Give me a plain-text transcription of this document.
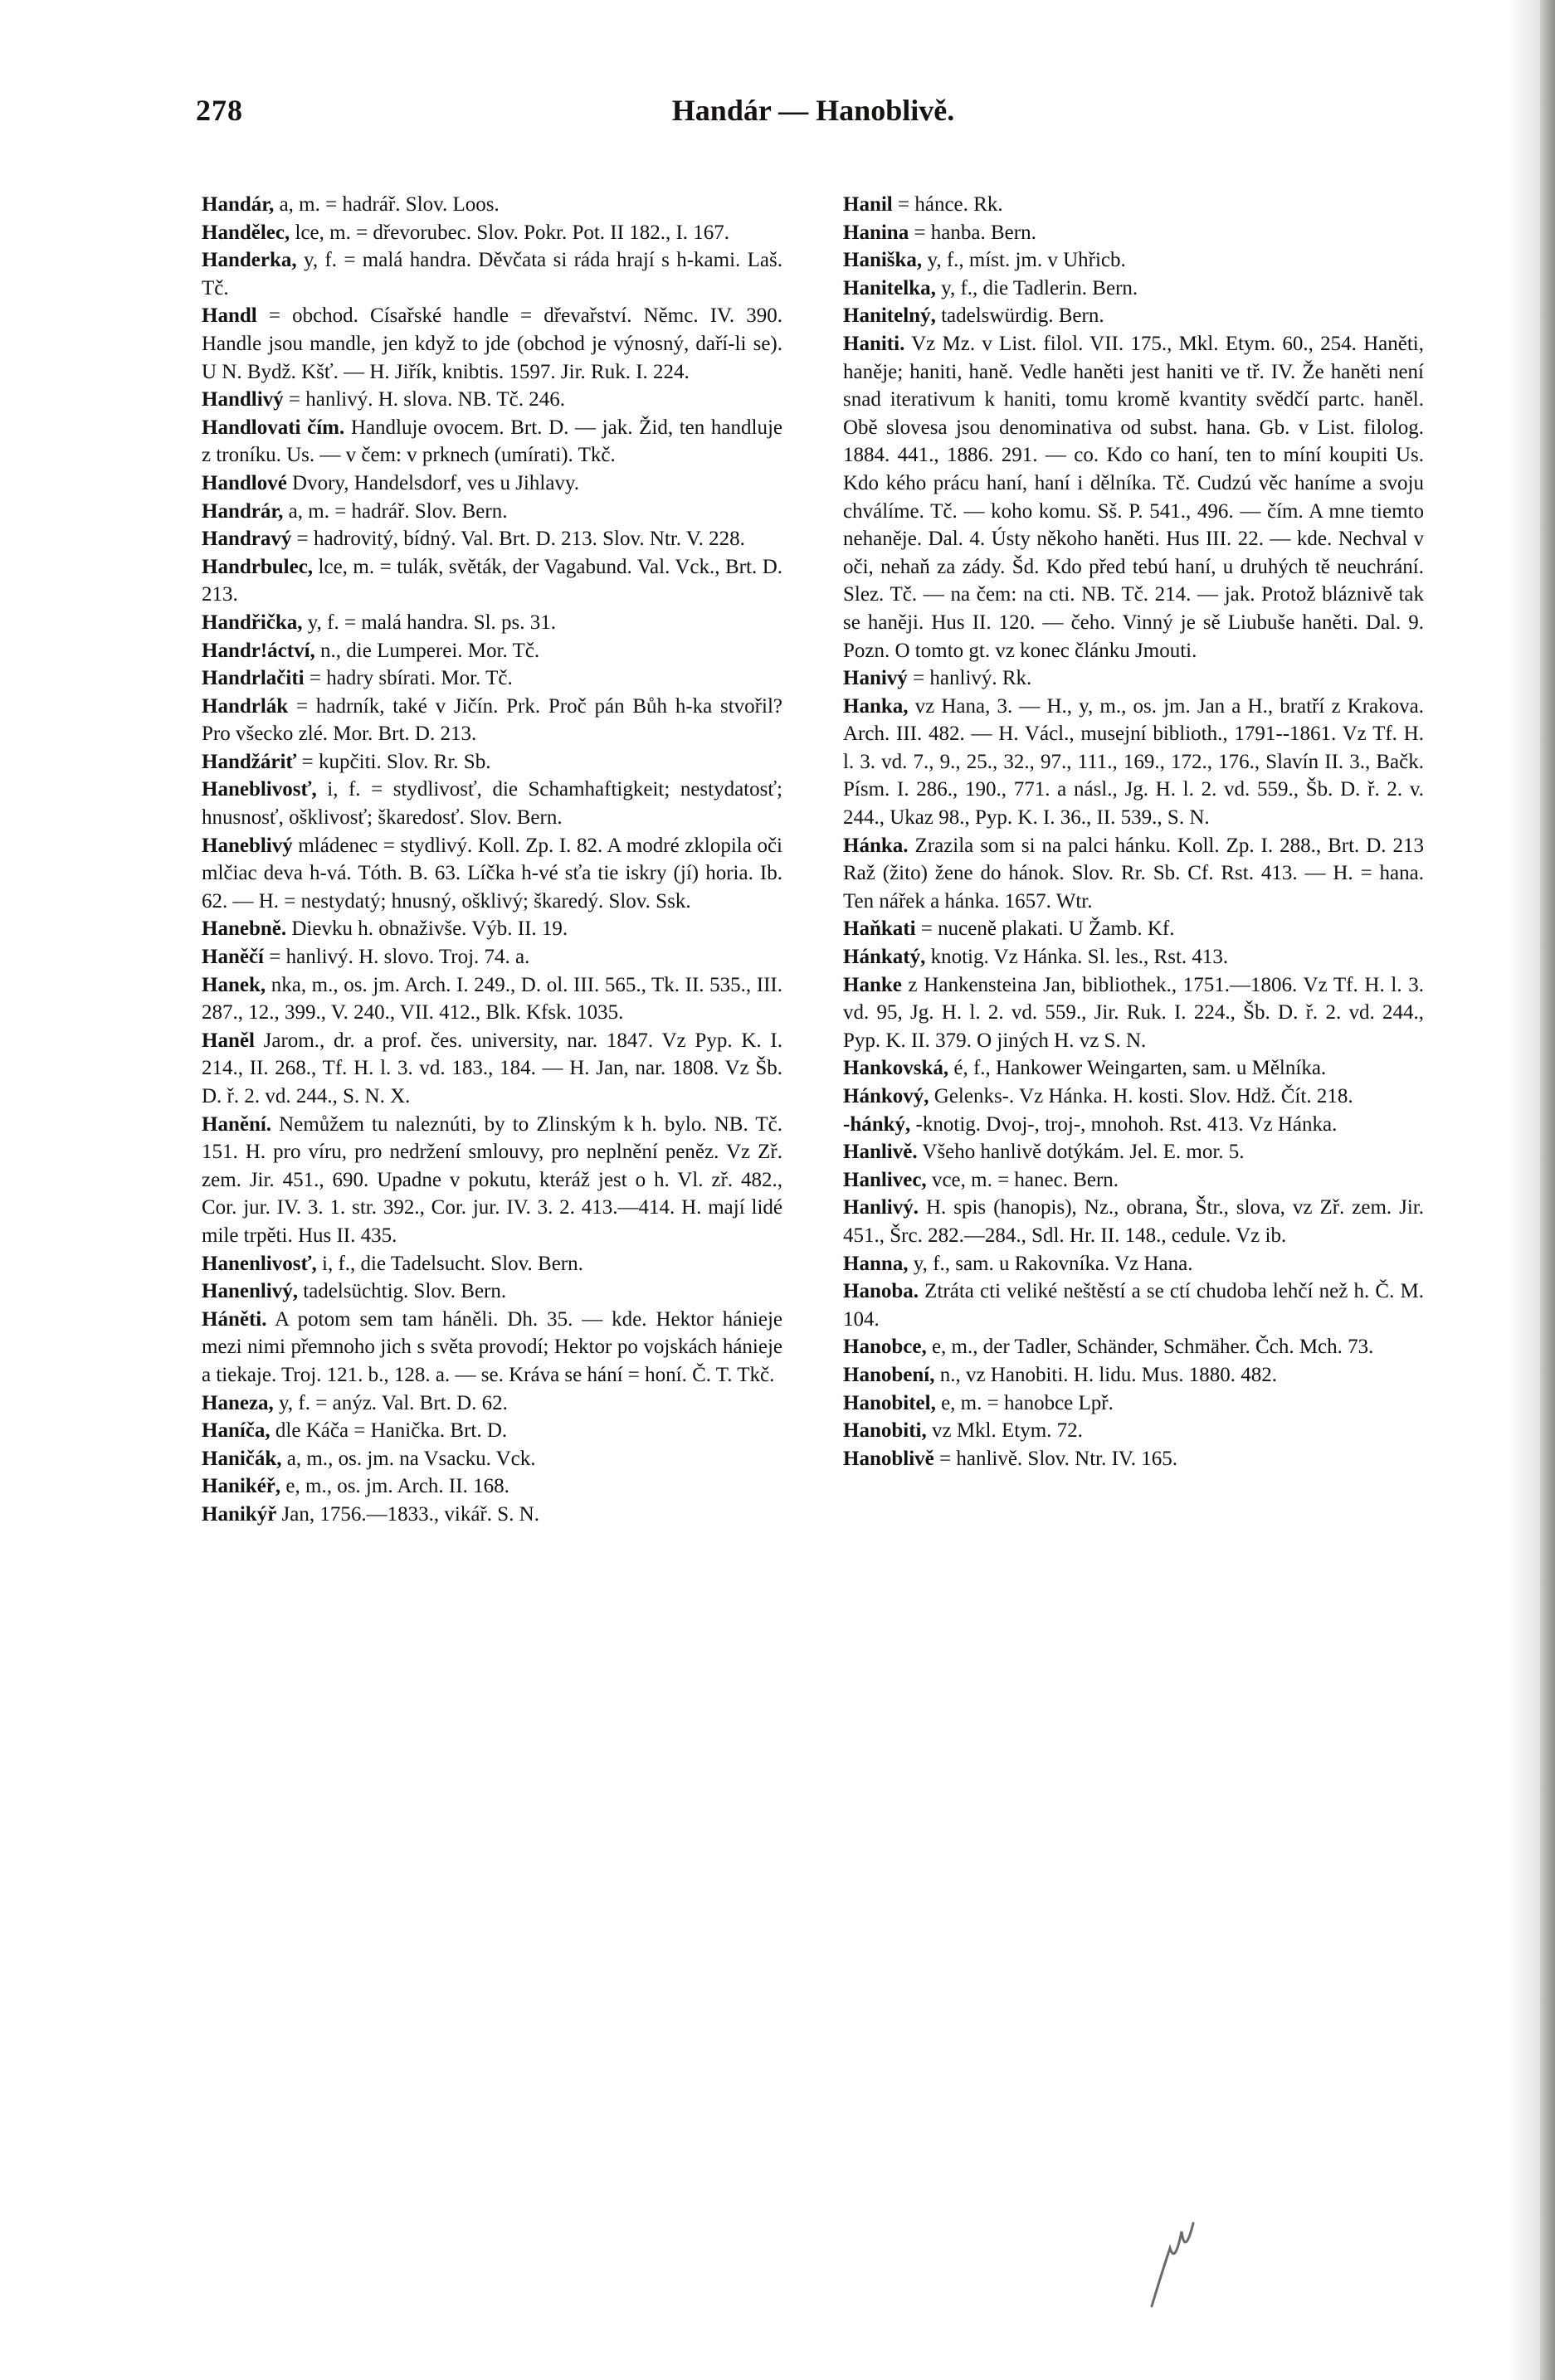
278	Handár — Hanoblivě.

Handár, a, m. = hadrář. Slov. Loos.

Handělec, lce, m. = dřevorubec. Slov. Pokr. Pot. II 182., I. 167.

Handerka, y, f. = malá handra. Děvčata si ráda hrají s h-kami. Laš. Tč.

Handl = obchod. Císařské handle = dřevařství. Němc. IV. 390. Handle jsou mandle, jen když to jde (obchod je výnosný, daří-li se). U N. Bydž. Kšť. — H. Jiřík, knibtis. 1597. Jir. Ruk. I. 224.

Handlivý = hanlivý. H. slova. NB. Tč. 246.

Handlovati čím. Handluje ovocem. Brt. D. — jak. Žid, ten handluje z troníku. Us. — v čem: v prknech (umírati). Tkč.

Handlové Dvory, Handelsdorf, ves u Jihlavy.

Handrár, a, m. = hadrář. Slov. Bern.

Handravý = hadrovitý, bídný. Val. Brt. D. 213. Slov. Ntr. V. 228.

Handrbulec, lce, m. = tulák, světák, der Vagabund. Val. Vck., Brt. D. 213.

Handřička, y, f. = malá handra. Sl. ps. 31.

Handr!áctví, n., die Lumperei. Mor. Tč.

Handrlačiti = hadry sbírati. Mor. Tč.

Handrlák = hadrník, také v Jičín. Prk. Proč pán Bůh h-ka stvořil? Pro všecko zlé. Mor. Brt. D. 213.

Handžáriť = kupčiti. Slov. Rr. Sb.

Haneblivosť, i, f. = stydlivosť, die Schamhaftigkeit; nestydatosť; hnusnosť, ošklivosť; škaredosť. Slov. Bern.

Haneblivý mládenec = stydlivý. Koll. Zp. I. 82. A modré zklopila oči mlčiac deva h-vá. Tóth. B. 63. Líčka h-vé sťa tie iskry (jí) horia. Ib. 62. — H. = nestydatý; hnusný, ošklivý; škaredý. Slov. Ssk.

Hanebně. Dievku h. obnaživše. Výb. II. 19.

Haněčí = hanlivý. H. slovo. Troj. 74. a.

Hanek, nka, m., os. jm. Arch. I. 249., D. ol. III. 565., Tk. II. 535., III. 287., 12., 399., V. 240., VII. 412., Blk. Kfsk. 1035.

Haněl Jarom., dr. a prof. čes. university, nar. 1847. Vz Pyp. K. I. 214., II. 268., Tf. H. l. 3. vd. 183., 184. — H. Jan, nar. 1808. Vz Šb. D. ř. 2. vd. 244., S. N. X.

Hanění. Nemůžem tu naleznúti, by to Zlinským k h. bylo. NB. Tč. 151. H. pro víru, pro nedržení smlouvy, pro neplnění peněz. Vz Zř. zem. Jir. 451., 690. Upadne v pokutu, kteráž jest o h. Vl. zř. 482., Cor. jur. IV. 3. 1. str. 392., Cor. jur. IV. 3. 2. 413.—414. H. mají lidé mile trpěti. Hus II. 435.

Hanenlivosť, i, f., die Tadelsucht. Slov. Bern.

Hanenlivý, tadelsüchtig. Slov. Bern.

Háněti. A potom sem tam háněli. Dh. 35. — kde. Hektor hánieje mezi nimi přemnoho jich s světa provodí; Hektor po vojskách hánieje a tiekaje. Troj. 121. b., 128. a. — se. Kráva se hání = honí. Č. T. Tkč.

Haneza, y, f. = anýz. Val. Brt. D. 62.

Haníča, dle Káča = Hanička. Brt. D.

Haničák, a, m., os. jm. na Vsacku. Vck.

Hanikéř, e, m., os. jm. Arch. II. 168.

Hanikýř Jan, 1756.—1833., vikář. S. N.

Hanil = hánce. Rk.

Hanina = hanba. Bern.

Haniška, y, f., míst. jm. v Uhřicb.

Hanitelka, y, f., die Tadlerin. Bern.

Hanitelný, tadelswürdig. Bern.

Haniti. Vz Mz. v List. filol. VII. 175., Mkl. Etym. 60., 254. Haněti, haněje; haniti, haně. Vedle haněti jest haniti ve tř. IV. Že haněti není snad iterativum k haniti, tomu kromě kvantity svědčí partc. haněl. Obě slovesa jsou denominativa od subst. hana. Gb. v List. filolog. 1884. 441., 1886. 291. — co. Kdo co haní, ten to míní koupiti Us. Kdo kého prácu haní, haní i dělníka. Tč. Cudzú věc haníme a svoju chválíme. Tč. — koho komu. Sš. P. 541., 496. — čím. A mne tiemto nehaněje. Dal. 4. Ústy někoho haněti. Hus III. 22. — kde. Nechval v oči, nehaň za zády. Šd. Kdo před tebú haní, u druhých tě neuchrání. Slez. Tč. — na čem: na cti. NB. Tč. 214. — jak. Protož bláznivě tak se haněji. Hus II. 120. — čeho. Vinný je sě Liubuše haněti. Dal. 9. Pozn. O tomto gt. vz konec článku Jmouti.

Hanivý = hanlivý. Rk.

Hanka, vz Hana, 3. — H., y, m., os. jm. Jan a H., bratří z Krakova. Arch. III. 482. — H. Václ., musejní biblioth., 1791--1861. Vz Tf. H. l. 3. vd. 7., 9., 25., 32., 97., 111., 169., 172., 176., Slavín II. 3., Bačk. Písm. I. 286., 190., 771. a násl., Jg. H. l. 2. vd. 559., Šb. D. ř. 2. v. 244., Ukaz 98., Pyp. K. I. 36., II. 539., S. N.

Hánka. Zrazila som si na palci hánku. Koll. Zp. I. 288., Brt. D. 213 Raž (žito) žene do hánok. Slov. Rr. Sb. Cf. Rst. 413. — H. = hana. Ten nářek a hánka. 1657. Wtr.

Haňkati = nuceně plakati. U Žamb. Kf.

Hánkatý, knotig. Vz Hánka. Sl. les., Rst. 413.

Hanke z Hankensteina Jan, bibliothek., 1751.—1806. Vz Tf. H. l. 3. vd. 95, Jg. H. l. 2. vd. 559., Jir. Ruk. I. 224., Šb. D. ř. 2. vd. 244., Pyp. K. II. 379. O jiných H. vz S. N.

Hankovská, é, f., Hankower Weingarten, sam. u Mělníka.

Hánkový, Gelenks-. Vz Hánka. H. kosti. Slov. Hdž. Čít. 218.

-hánký, -knotig. Dvoj-, troj-, mnohoh. Rst. 413. Vz Hánka.

Hanlivě. Všeho hanlivě dotýkám. Jel. E. mor. 5.

Hanlivec, vce, m. = hanec. Bern.

Hanlivý. H. spis (hanopis), Nz., obrana, Štr., slova, vz Zř. zem. Jir. 451., Šrc. 282.—284., Sdl. Hr. II. 148., cedule. Vz ib.

Hanna, y, f., sam. u Rakovníka. Vz Hana.

Hanoba. Ztráta cti veliké neštěstí a se ctí chudoba lehčí než h. Č. M. 104.

Hanobce, e, m., der Tadler, Schänder, Schmäher. Čch. Mch. 73.

Hanobení, n., vz Hanobiti. H. lidu. Mus. 1880. 482.

Hanobitel, e, m. = hanobce Lpř.

Hanobiti, vz Mkl. Etym. 72.

Hanoblivě = hanlivě. Slov. Ntr. IV. 165.
